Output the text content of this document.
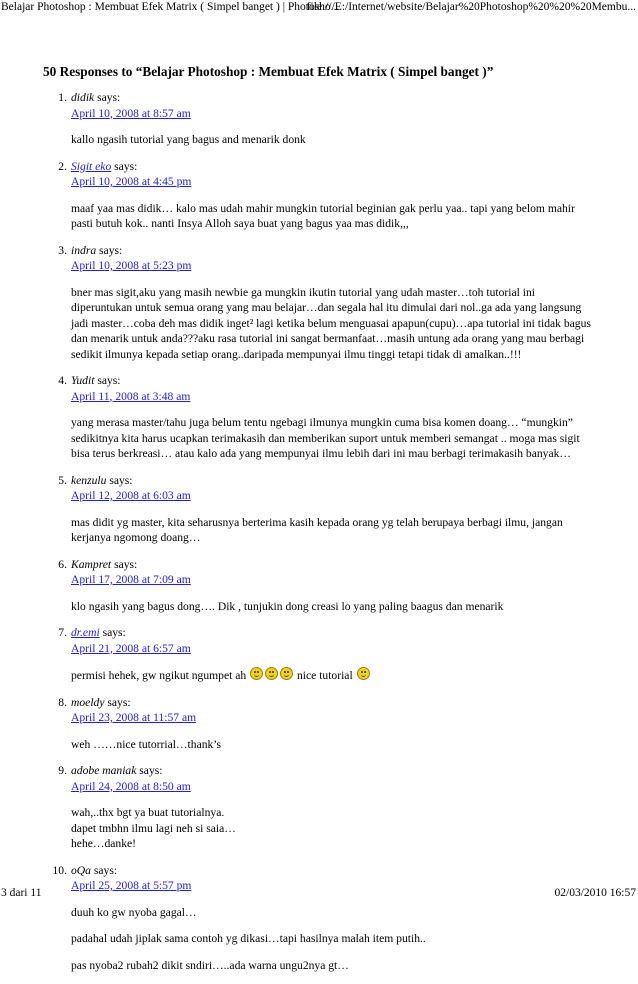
Belajar Photoshop : Membuat Efek Matrix ( Simpel banget ) | Photosho...
file:///E:/Internet/website/Belajar%20Photoshop%20%20%20Membu...
50 Responses to “Belajar Photoshop : Membuat Efek Matrix ( Simpel banget )”
1. didik says:
April 10, 2008 at 8:57 am

kallo ngasih tutorial yang bagus and menarik donk

2. Sigit eko says:
April 10, 2008 at 4:45 pm

maaf yaa mas didik… kalo mas udah mahir mungkin tutorial beginian gak perlu yaa.. tapi yang belom mahir pasti butuh kok.. nanti Insya Alloh saya buat yang bagus yaa mas didik,,,

3. indra says:
April 10, 2008 at 5:23 pm

bner mas sigit,aku yang masih newbie ga mungkin ikutin tutorial yang udah master…toh tutorial ini diperuntukan untuk semua orang yang mau belajar…dan segala hal itu dimulai dari nol..ga ada yang langsung jadi master…coba deh mas didik inget² lagi ketika belum menguasai apapun(cupu)…apa tutorial ini tidak bagus dan menarik untuk anda???aku rasa tutorial ini sangat bermanfaat…masih untung ada orang yang mau berbagi sedikit ilmunya kepada setiap orang..daripada mempunyai ilmu tinggi tetapi tidak di amalkan..!!!

4. Yudit says:
April 11, 2008 at 3:48 am

yang merasa master/tahu juga belum tentu ngebagi ilmunya mungkin cuma bisa komen doang… “mungkin” sedikitnya kita harus ucapkan terimakasih dan memberikan suport untuk memberi semangat .. moga mas sigit bisa terus berkreasi… atau kalo ada yang mempunyai ilmu lebih dari ini mau berbagi terimakasih banyak…

5. kenzulu says:
April 12, 2008 at 6:03 am

mas didit yg master, kita seharusnya berterima kasih kepada orang yg telah berupaya berbagi ilmu, jangan kerjanya ngomong doang…

6. Kampret says:
April 17, 2008 at 7:09 am

klo ngasih yang bagus dong…. Dik , tunjukin dong creasi lo yang paling baagus dan menarik

7. dr.emi says:
April 21, 2008 at 6:57 am

permisi hehek, gw ngikut ngumpet ah	nice tutorial

8. moeldy says:
April 23, 2008 at 11:57 am

weh ……nice tutorrial…thank’s

9. adobe maniak says:
April 24, 2008 at 8:50 am

wah,..thx bgt ya buat tutorialnya.
dapet tmbhn ilmu lagi neh si saia…
hehe…danke!

10. oQa says:
April 25, 2008 at 5:57 pm

duuh ko gw nyoba gagal…

padahal udah jiplak sama contoh yg dikasi…tapi hasilnya malah item putih..

pas nyoba2 rubah2 dikit sndiri…..ada warna ungu2nya gt…

3 dari 11	02/03/2010 16:57
